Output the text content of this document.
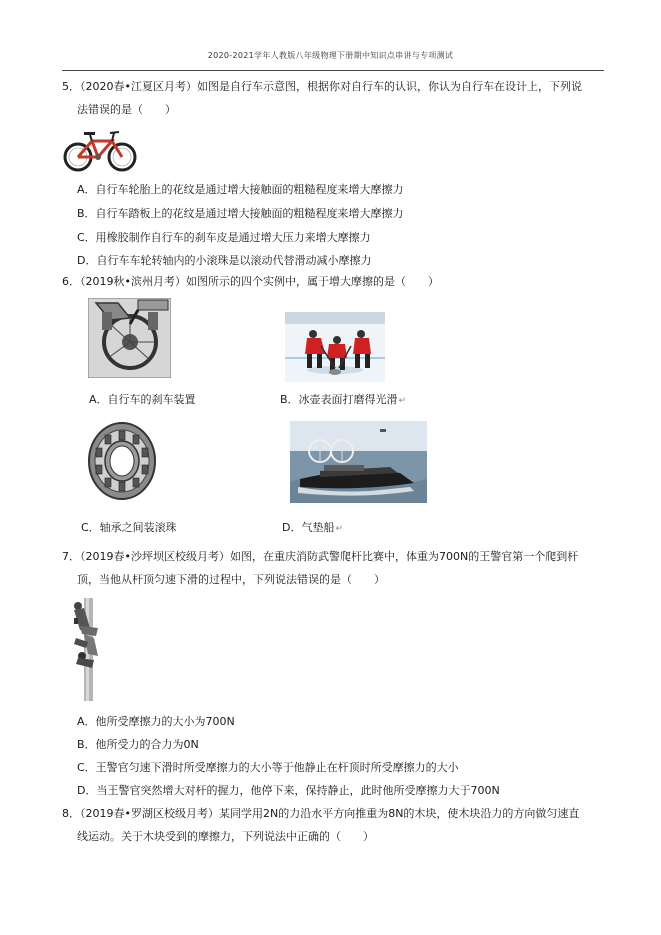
2020-2021学年人教版八年级物理下册期中知识点串讲与专项测试
5．（2020春•江夏区月考）如图是自行车示意图，根据你对自行车的认识，你认为自行车在设计上，下列说
法错误的是（　　）
A．自行车轮胎上的花纹是通过增大接触面的粗糙程度来增大摩擦力
B．自行车踏板上的花纹是通过增大接触面的粗糙程度来增大摩擦力
C．用橡胶制作自行车的刹车皮是通过增大压力来增大摩擦力
D．自行车车轮转轴内的小滚珠是以滚动代替滑动减小摩擦力
6．（2019秋•滨州月考）如图所示的四个实例中，属于增大摩擦的是（　　）
A．自行车的刹车装置	B．冰壶表面打磨得光滑↵
C．轴承之间装滚珠	D．气垫船↵
7．（2019春•沙坪坝区校级月考）如图，在重庆消防武警爬杆比赛中，体重为700N的王警官第一个爬到杆
顶，当他从杆顶匀速下滑的过程中，下列说法错误的是（　　）
A．他所受摩擦力的大小为700N
B．他所受力的合力为0N
C．王警官匀速下滑时所受摩擦力的大小等于他静止在杆顶时所受摩擦力的大小
D．当王警官突然增大对杆的握力，他停下来，保持静止，此时他所受摩擦力大于700N
8．（2019春•罗湖区校级月考）某同学用2N的力沿水平方向推重为8N的木块，使木块沿力的方向做匀速直
线运动。关于木块受到的摩擦力，下列说法中正确的（　　）
